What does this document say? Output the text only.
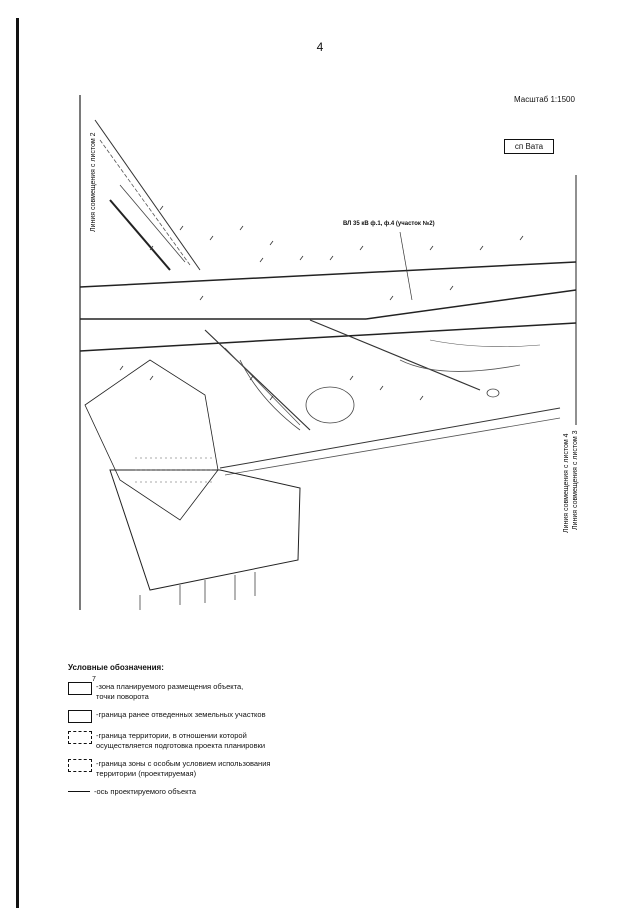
4
Масштаб 1:1500
сп Вата
ВЛ 35 кВ ф.1, ф.4 (участок №2)
Линия совмещения с листом 2
Линия совмещения с листом 4 Линия совмещения с листом 3
Условные обозначения:
7
-зона планируемого размещения объекта,
точки поворота
-граница ранее отведенных земельных участков
-граница территории, в отношении которой
осуществляется подготовка проекта планировки
-граница зоны с особым условием использования
территории (проектируемая)
-ось проектируемого объекта
